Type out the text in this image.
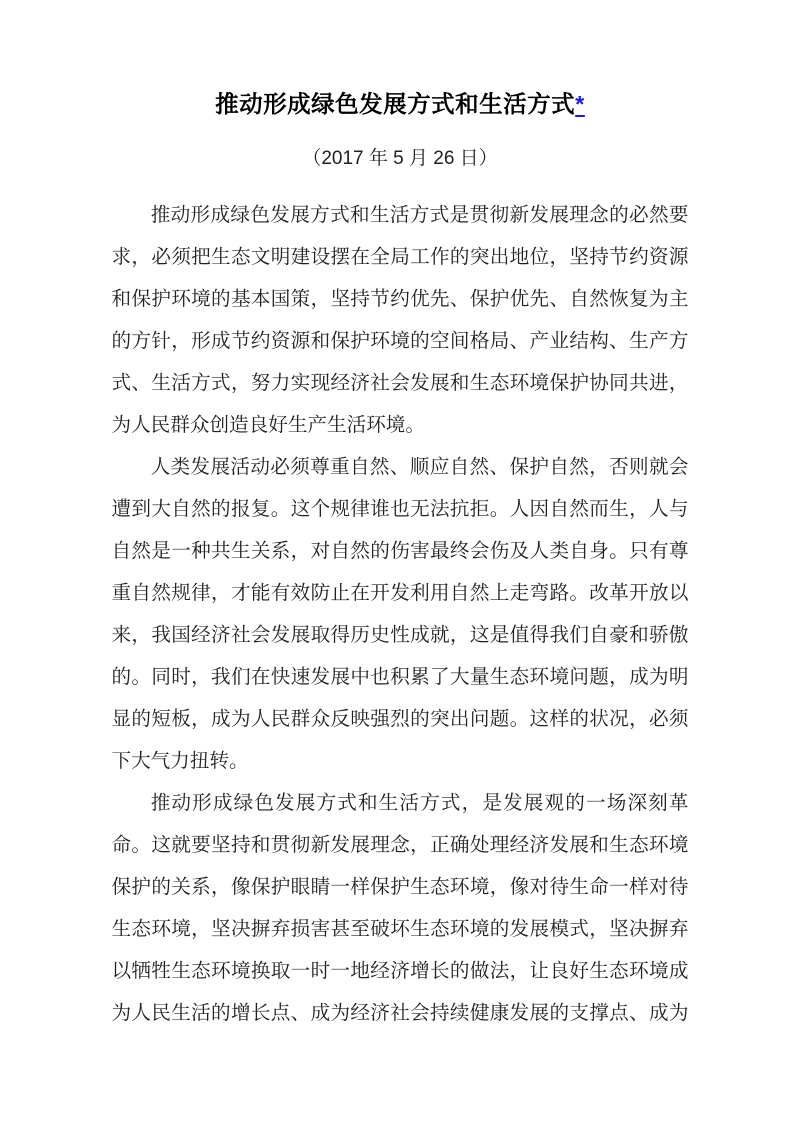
推动形成绿色发展方式和生活方式*
（2017 年 5 月 26 日）
推动形成绿色发展方式和生活方式是贯彻新发展理念的必然要
求，必须把生态文明建设摆在全局工作的突出地位，坚持节约资源
和保护环境的基本国策，坚持节约优先、保护优先、自然恢复为主
的方针，形成节约资源和保护环境的空间格局、产业结构、生产方
式、生活方式，努力实现经济社会发展和生态环境保护协同共进，
为人民群众创造良好生产生活环境。
人类发展活动必须尊重自然、顺应自然、保护自然，否则就会
遭到大自然的报复。这个规律谁也无法抗拒。人因自然而生，人与
自然是一种共生关系，对自然的伤害最终会伤及人类自身。只有尊
重自然规律，才能有效防止在开发利用自然上走弯路。改革开放以
来，我国经济社会发展取得历史性成就，这是值得我们自豪和骄傲
的。同时，我们在快速发展中也积累了大量生态环境问题，成为明
显的短板，成为人民群众反映强烈的突出问题。这样的状况，必须
下大气力扭转。
推动形成绿色发展方式和生活方式，是发展观的一场深刻革
命。这就要坚持和贯彻新发展理念，正确处理经济发展和生态环境
保护的关系，像保护眼睛一样保护生态环境，像对待生命一样对待
生态环境，坚决摒弃损害甚至破坏生态环境的发展模式，坚决摒弃
以牺牲生态环境换取一时一地经济增长的做法，让良好生态环境成
为人民生活的增长点、成为经济社会持续健康发展的支撑点、成为
